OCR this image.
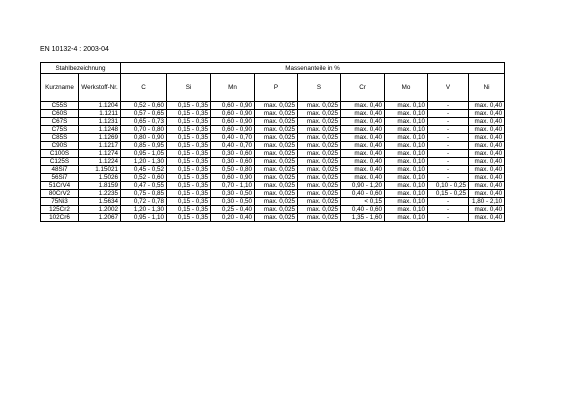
EN 10132-4 : 2003-04
Stahlbezeichnung		Massenanteile in %								
Kurzname	Werkstoff-Nr.	C	Si	Mn	P	S	Cr	Mo	V	Ni
C55S	1.1204	0,52 - 0,60	0,15 - 0,35	0,60 - 0,90	max. 0,025	max. 0,025	max. 0,40	max. 0,10	-	max. 0,40
C60S	1.1211	0,57 - 0,65	0,15 - 0,35	0,60 - 0,90	max. 0,025	max. 0,025	max. 0,40	max. 0,10	-	max. 0,40
C67S	1.1231	0,65 - 0,73	0,15 - 0,35	0,60 - 0,90	max. 0,025	max. 0,025	max. 0,40	max. 0,10	-	max. 0,40
C75S	1.1248	0,70 - 0,80	0,15 - 0,35	0,60 - 0,90	max. 0,025	max. 0,025	max. 0,40	max. 0,10	-	max. 0,40
C85S	1.1269	0,80 - 0,90	0,15 - 0,35	0,40 - 0,70	max. 0,025	max. 0,025	max. 0,40	max. 0,10	-	max. 0,40
C90S	1.1217	0,85 - 0,95	0,15 - 0,35	0,40 - 0,70	max. 0,025	max. 0,025	max. 0,40	max. 0,10	-	max. 0,40
C100S	1.1274	0,95 - 1,05	0,15 - 0,35	0,30 - 0,60	max. 0,025	max. 0,025	max. 0,40	max. 0,10	-	max. 0,40
C125S	1.1224	1,20 - 1,30	0,15 - 0,35	0,30 - 0,60	max. 0,025	max. 0,025	max. 0,40	max. 0,10	-	max. 0,40
48Si7	1.15021	0,45 - 0,52	0,15 - 0,35	0,50 - 0,80	max. 0,025	max. 0,025	max. 0,40	max. 0,10	-	max. 0,40
56Si7	1.5026	0,52 - 0,60	0,15 - 0,35	0,60 - 0,90	max. 0,025	max. 0,025	max. 0,40	max. 0,10	-	max. 0,40
51CrV4	1.8159	0,47 - 0,55	0,15 - 0,35	0,70 - 1,10	max. 0,025	max. 0,025	0,90 - 1,20	max. 0,10	0,10 - 0,25	max. 0,40
80CrV2	1.2235	0,75 - 0,85	0,15 - 0,35	0,30 - 0,50	max. 0,025	max. 0,025	0,40 - 0,60	max. 0,10	0,15 - 0,25	max. 0,40
75Ni3	1.5634	0,72 - 0,78	0,15 - 0,35	0,30 - 0,50	max. 0,025	max. 0,025	< 0,15	max. 0,10	-	1,80 - 2,10
125Cr2	1.2002	1,20 - 1,30	0,15 - 0,35	0,25 - 0,40	max. 0,025	max. 0,025	0,40 - 0,60	max. 0,10	-	max. 0,40
102Cr6	1.2067	0,95 - 1,10	0,15 - 0,35	0,20 - 0,40	max. 0,025	max. 0,025	1,35 - 1,60	max. 0,10	-	max. 0,40
